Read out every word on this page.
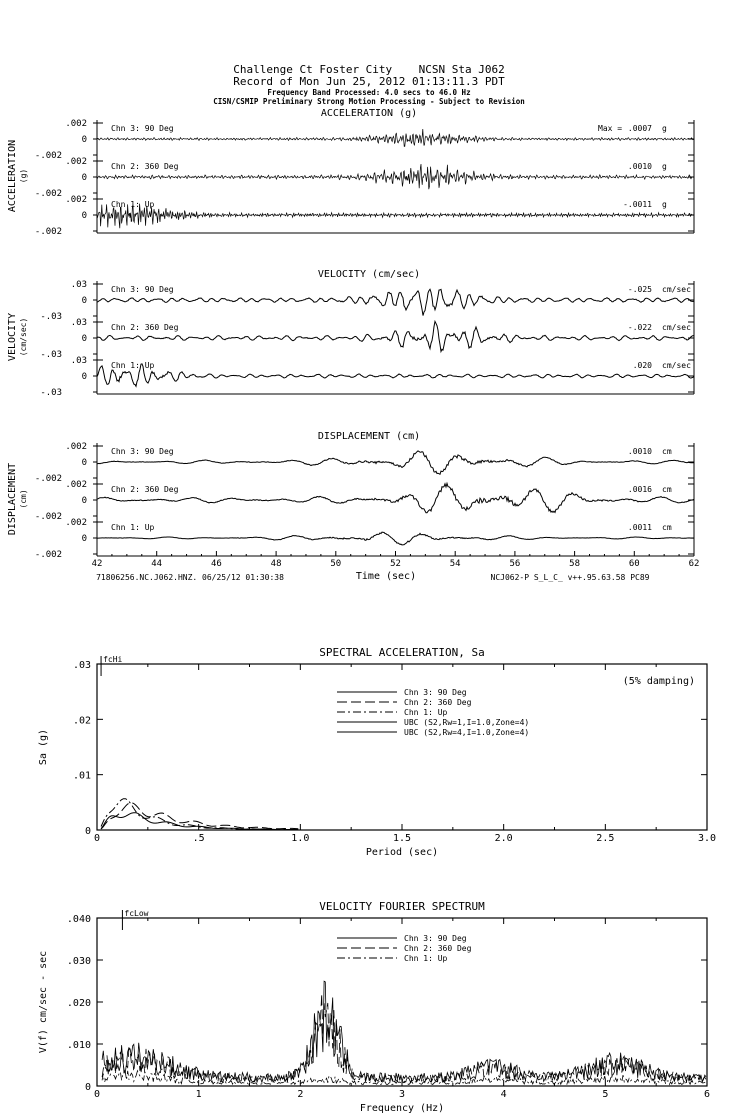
Challenge Ct Foster City    NCSN Sta J062
Record of Mon Jun 25, 2012 01:13:11.3 PDT
Frequency Band Processed: 4.0 secs to 46.0 Hz
CISN/CSMIP Preliminary Strong Motion Processing - Subject to Revision
ACCELERATION (g)
ACCELERATION (g)
.002
0
-.002
Chn 3: 90 Deg	Max = .0007 g
.002
0
-.002
Chn 2: 360 Deg	.0010 g
.002
0
-.002
Chn 1: Up	-.0011 g
VELOCITY (cm/sec)
VELOCITY (cm/sec)
.03
0
-.03
Chn 3: 90 Deg	-.025 cm/sec
.03
0
-.03
Chn 2: 360 Deg	-.022 cm/sec
.03
0
-.03
Chn 1: Up	.020 cm/sec
DISPLACEMENT (cm)
DISPLACEMENT (cm)
.002
0
-.002
Chn 3: 90 Deg	.0010 cm
.002
0
-.002
Chn 2: 360 Deg	.0016 cm
.002
0
-.002
Chn 1: Up	.0011 cm
42	44	46	48	50	52	54	56	58	60	62
Time (sec)
SPECTRAL ACCELERATION, Sa
0	.5	1.0	1.5	2.0	2.5	3.0
0
.01
.02
.03
Period (sec)
Sa (g)
fcHi
(5% damping)
Chn 3: 90 Deg
Chn 2: 360 Deg
Chn 1: Up
UBC (S2,Rw=1,I=1.0,Zone=4)
UBC (S2,Rw=4,I=1.0,Zone=4)
VELOCITY FOURIER SPECTRUM
0	1	2	3	4	5	6
0
.010
.020
.030
.040
Frequency (Hz)
V(f) cm/sec - sec
fcLow
Chn 3: 90 Deg
Chn 2: 360 Deg
Chn 1: Up
71806256.NC.J062.HNZ. 06/25/12 01:30:38	NCJ062-P S_L_C_ v++.95.63.58 PC89
